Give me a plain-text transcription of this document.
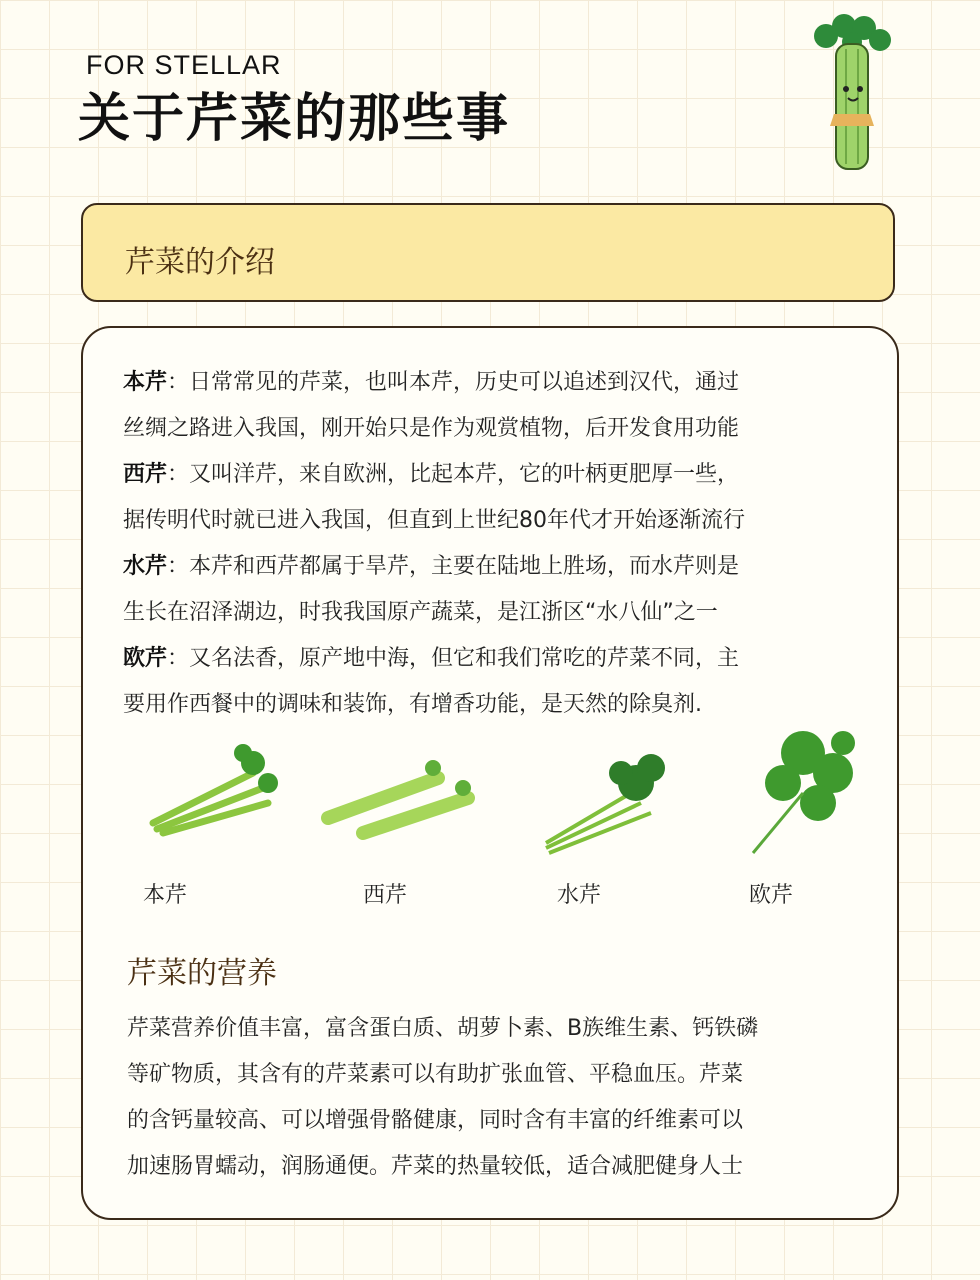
FOR STELLAR
关于芹菜的那些事
芹菜的介绍
本芹：日常常见的芹菜，也叫本芹，历史可以追述到汉代，通过
丝绸之路进入我国，刚开始只是作为观赏植物，后开发食用功能
西芹：又叫洋芹，来自欧洲，比起本芹，它的叶柄更肥厚一些，
据传明代时就已进入我国，但直到上世纪80年代才开始逐渐流行
水芹：本芹和西芹都属于旱芹，主要在陆地上胜场，而水芹则是
生长在沼泽湖边，时我我国原产蔬菜，是江浙区“水八仙”之一
欧芹：又名法香，原产地中海，但它和我们常吃的芹菜不同，主
要用作西餐中的调味和装饰，有增香功能，是天然的除臭剂.
本芹	西芹	水芹	欧芹
芹菜的营养
芹菜营养价值丰富，富含蛋白质、胡萝卜素、B族维生素、钙铁磷
等矿物质，其含有的芹菜素可以有助扩张血管、平稳血压。芹菜
的含钙量较高、可以增强骨骼健康，同时含有丰富的纤维素可以
加速肠胃蠕动，润肠通便。芹菜的热量较低，适合减肥健身人士
